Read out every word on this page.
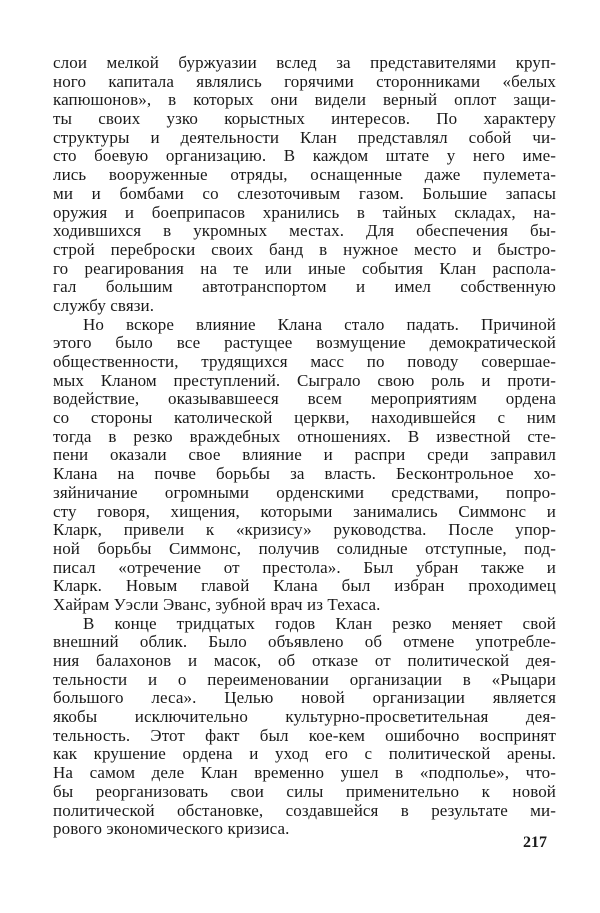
слои мелкой буржуазии вслед за представителями круп-
ного капитала являлись горячими сторонниками «белых
капюшонов», в которых они видели верный оплот защи-
ты своих узко корыстных интересов. По характеру
структуры и деятельности Клан представлял собой чи-
сто боевую организацию. В каждом штате у него име-
лись вооруженные отряды, оснащенные даже пулемета-
ми и бомбами со слезоточивым газом. Большие запасы
оружия и боеприпасов хранились в тайных складах, на-
ходившихся в укромных местах. Для обеспечения бы-
строй переброски своих банд в нужное место и быстро-
го реагирования на те или иные события Клан распола-
гал большим автотранспортом и имел собственную
службу связи.
Но вскоре влияние Клана стало падать. Причиной
этого было все растущее возмущение демократической
общественности, трудящихся масс по поводу совершае-
мых Кланом преступлений. Сыграло свою роль и проти-
водействие, оказывавшееся всем мероприятиям ордена
со стороны католической церкви, находившейся с ним
тогда в резко враждебных отношениях. В известной сте-
пени оказали свое влияние и распри среди заправил
Клана на почве борьбы за власть. Бесконтрольное хо-
зяйничание огромными орденскими средствами, попро-
сту говоря, хищения, которыми занимались Симмонс и
Кларк, привели к «кризису» руководства. После упор-
ной борьбы Симмонс, получив солидные отступные, под-
писал «отречение от престола». Был убран также и
Кларк. Новым главой Клана был избран проходимец
Хайрам Уэсли Эванс, зубной врач из Техаса.
В конце тридцатых годов Клан резко меняет свой
внешний облик. Было объявлено об отмене употребле-
ния балахонов и масок, об отказе от политической дея-
тельности и о переименовании организации в «Рыцари
большого леса». Целью новой организации является
якобы исключительно культурно-просветительная дея-
тельность. Этот факт был кое-кем ошибочно воспринят
как крушение ордена и уход его с политической арены.
На самом деле Клан временно ушел в «подполье», что-
бы реорганизовать свои силы применительно к новой
политической обстановке, создавшейся в результате ми-
рового экономического кризиса.
217
